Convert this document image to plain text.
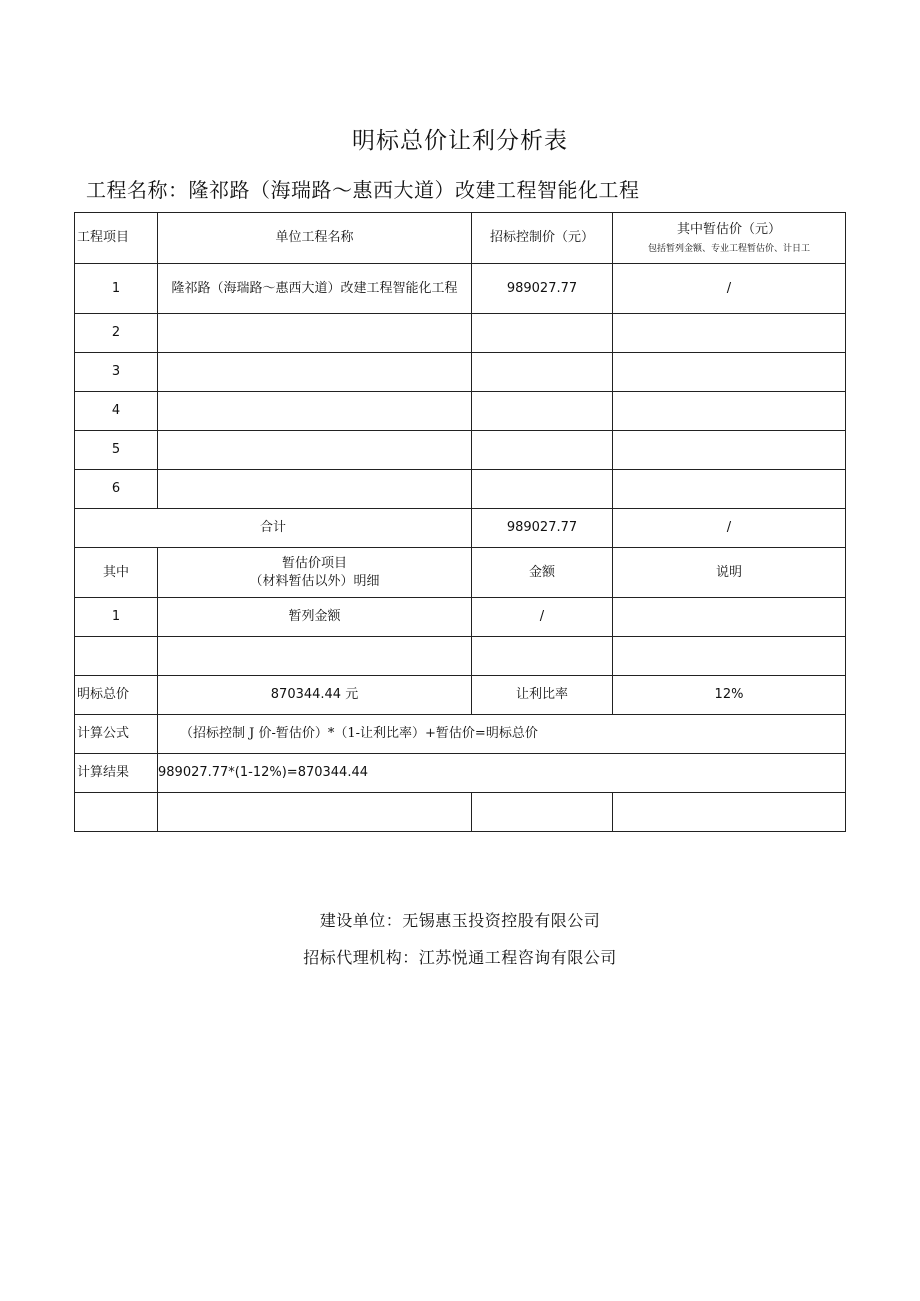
明标总价让利分析表
工程名称：隆祁路（海瑞路～惠西大道）改建工程智能化工程
工程项目	单位工程名称	招标控制价（元）	其中暂估价（元）
包括暂列金额、专业工程暂估价、计日工

1	隆祁路（海瑞路～惠西大道）改建工程智能化工程	989027.77	/
2			
3			
4			
5			
6			
合计		989027.77	/
其中	暂估价项目
（材料暂估以外）明细	金额	说明
1	暂列金额	/	

明标总价	870344.44 元	让利比率	12%
计算公式	（招标控制 J 价-暂估价）*（1-让利比率）+暂估价=明标总价		
计算结果	989027.77*(1-12%)=870344.44		

建设单位：无锡惠玉投资控股有限公司
招标代理机构：江苏悦通工程咨询有限公司
